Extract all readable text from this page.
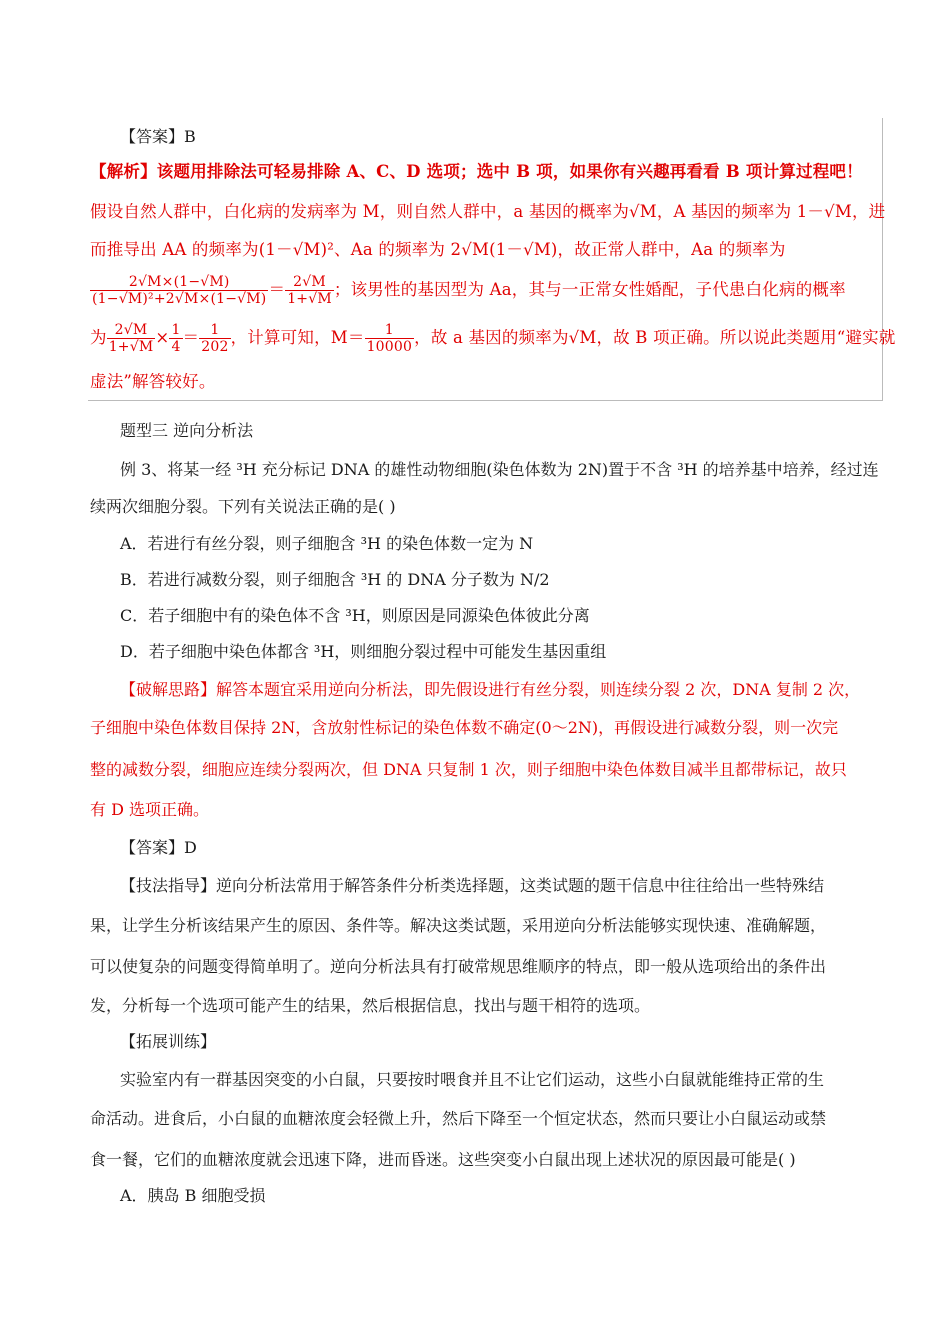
【答案】B
【解析】该题用排除法可轻易排除 A、C、D 选项；选中 B 项，如果你有兴趣再看看 B 项计算过程吧！
假设自然人群中，白化病的发病率为 M，则自然人群中，a 基因的概率为√M，A 基因的频率为 1－√M，进
而推导出 AA 的频率为(1－√M)²、Aa 的频率为 2√M(1－√M)，故正常人群中，Aa 的频率为
$\frac{2√M\times(1-√M)}{\text{(1−√M)²+2√M×(1−√M)}} = \frac{2√M}{1+√M}$ ；该男性的基因型为 Aa，其与一正常女性婚配，子代患白化病的概率
为 $\frac{2√M}{1+√M} \times \frac{1}{4} = \frac{1}{202}$ ，计算可知，$M= \frac{1}{10000}$ ，故 a 基因的频率为√M，故 B 项正确。所以说此类题用“避实就
虚法”解答较好。
题型三 逆向分析法
例 3、将某一经 ³H 充分标记 DNA 的雄性动物细胞(染色体数为 2N)置于不含 ³H 的培养基中培养，经过连
续两次细胞分裂。下列有关说法正确的是( )
A．若进行有丝分裂，则子细胞含 ³H 的染色体数一定为 N
B．若进行减数分裂，则子细胞含 ³H 的 DNA 分子数为 N/2
C．若子细胞中有的染色体不含 ³H，则原因是同源染色体彼此分离
D．若子细胞中染色体都含 ³H，则细胞分裂过程中可能发生基因重组
【破解思路】解答本题宜采用逆向分析法，即先假设进行有丝分裂，则连续分裂 2 次，DNA 复制 2 次，
子细胞中染色体数目保持 2N，含放射性标记的染色体数不确定(0～2N)，再假设进行减数分裂，则一次完
整的减数分裂，细胞应连续分裂两次，但 DNA 只复制 1 次，则子细胞中染色体数目减半且都带标记，故只
有 D 选项正确。
【答案】D
【技法指导】逆向分析法常用于解答条件分析类选择题，这类试题的题干信息中往往给出一些特殊结
果，让学生分析该结果产生的原因、条件等。解决这类试题，采用逆向分析法能够实现快速、准确解题，
可以使复杂的问题变得简单明了。逆向分析法具有打破常规思维顺序的特点，即一般从选项给出的条件出
发，分析每一个选项可能产生的结果，然后根据信息，找出与题干相符的选项。
【拓展训练】
实验室内有一群基因突变的小白鼠，只要按时喂食并且不让它们运动，这些小白鼠就能维持正常的生
命活动。进食后，小白鼠的血糖浓度会轻微上升，然后下降至一个恒定状态，然而只要让小白鼠运动或禁
食一餐，它们的血糖浓度就会迅速下降，进而昏迷。这些突变小白鼠出现上述状况的原因最可能是( )
A．胰岛 B 细胞受损
